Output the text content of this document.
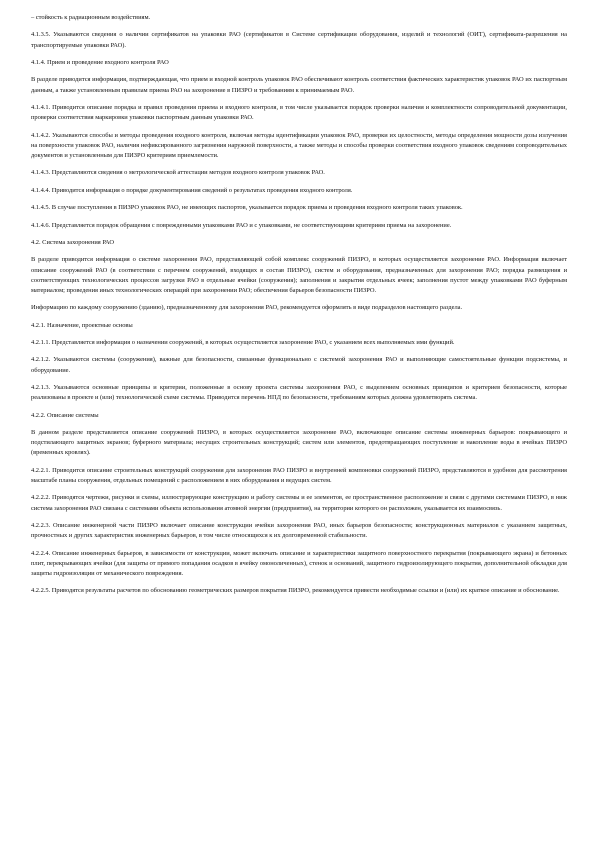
– стойкость к радиационным воздействиям.

4.1.3.5. Указываются сведения о наличии сертификатов на упаковки РАО (сертификатов в Системе сертификации оборудования, изделий и технологий (ОИТ), сертификата-разрешения на транспортируемые упаковки РАО).

4.1.4. Прием и проведение входного контроля РАО

В разделе приводится информация, подтверждающая, что прием и входной контроль упаковок РАО обеспечивают контроль соответствия фактических характеристик упаковок РАО их паспортным данным, а также установленным правилам приема РАО на захоронение в ПИЗРО и требованиям к принимаемым РАО.

4.1.4.1. Приводится описание порядка и правил проведения приема и входного контроля, в том числе указывается порядок проверки наличия и комплектности сопроводительной документации, проверки соответствия маркировки упаковки паспортным данным упаковки РАО.

4.1.4.2. Указываются способы и методы проведения входного контроля, включая методы идентификации упаковок РАО, проверки их целостности, методы определения мощности дозы излучения на поверхности упаковок РАО, наличия нефиксированного загрязнения наружной поверхности, а также методы и способы проверки соответствия входного упаковок сведениям сопроводительных документов и установленным для ПИЗРО критериям приемлемости.

4.1.4.3. Представляются сведения о метрологической аттестации методов входного контроля упаковок РАО.

4.1.4.4. Приводится информация о порядке документирования сведений о результатах проведения входного контроля.

4.1.4.5. В случае поступления в ПИЗРО упаковок РАО, не имеющих паспортов, указывается порядок приема и проведения входного контроля таких упаковок.

4.1.4.6. Представляется порядок обращения с поврежденными упаковками РАО и с упаковками, не соответствующими критериям приема на захоронение.

4.2. Система захоронения РАО

В разделе приводится информация о системе захоронения РАО, представляющей собой комплекс сооружений ПИЗРО, в которых осуществляется захоронение РАО. Информация включает описание сооружений РАО (в соответствии с перечнем сооружений, входящих в состав ПИЗРО), систем и оборудования, предназначенных для захоронения РАО; порядка размещения и соответствующих технологических процессов загрузки РАО в отдельные ячейки (сооружения); заполнения и закрытия отдельных ячеек; заполнения пустот между упаковками РАО буферным материалом; проведения иных технологических операций при захоронении РАО; обеспечения барьеров безопасности ПИЗРО.

Информацию по каждому сооружению (зданию), предназначенному для захоронения РАО, рекомендуется оформлять в виде подразделов настоящего раздела.

4.2.1. Назначение, проектные основы

4.2.1.1. Представляется информация о назначении сооружений, в которых осуществляется захоронение РАО, с указанием всех выполняемых ими функций.

4.2.1.2. Указываются системы (сооружения), важные для безопасности, связанные функционально с системой захоронения РАО и выполняющие самостоятельные функции подсистемы, и оборудование.

4.2.1.3. Указываются основные принципы и критерии, положенные в основу проекта системы захоронения РАО, с выделением основных принципов и критериев безопасности, которые реализованы в проекте и (или) технологической схеме системы. Приводится перечень НПД по безопасности, требованиям которых должна удовлетворять система.

4.2.2. Описание системы

В данном разделе представляется описание сооружений ПИЗРО, в которых осуществляется захоронение РАО, включающее описание системы инженерных барьеров: покрывающего и подстилающего защитных экранов; буферного материала; несущих строительных конструкций; систем или элементов, предотвращающих поступление и накопление воды в ячейках ПИЗРО (временных кровлях).

4.2.2.1. Приводится описание строительных конструкций сооружения для захоронения РАО ПИЗРО и внутренней компоновки сооружений ПИЗРО, представляются в удобном для рассмотрения масштабе планы сооружения, отдельных помещений с расположением в них оборудования и ведущих систем.

4.2.2.2. Приводятся чертежи, рисунки и схемы, иллюстрирующие конструкцию и работу системы и ее элементов, ее пространственное расположение и связи с другими системами ПИЗРО, в ниж система захоронения РАО связана с системами объекта использования атомной энергии (предприятия), на территории которого он расположен, указывается их взаимосвязь.

4.2.2.3. Описание инженерной части ПИЗРО включает описание конструкции ячейки захоронения РАО, иных барьеров безопасности; конструкционных материалов с указанием защитных, прочностных и других характеристик инженерных барьеров, в том числе относящихся к их долговременной стабильности.

4.2.2.4. Описание инженерных барьеров, в зависимости от конструкции, может включать описание и характеристики защитного поверхностного перекрытия (покрывающего экрана) и бетонных плит, перекрывающих ячейки (для защиты от прямого попадания осадков в ячейку омоноличенных), стенок и оснований, защитного гидроизолирующего покрытия, дополнительной обкладки для защиты гидроизоляции от механического повреждения.

4.2.2.5. Приводятся результаты расчетов по обоснованию геометрических размеров покрытия ПИЗРО, рекомендуется привести необходимые ссылки и (или) их краткое описание и обоснование.
